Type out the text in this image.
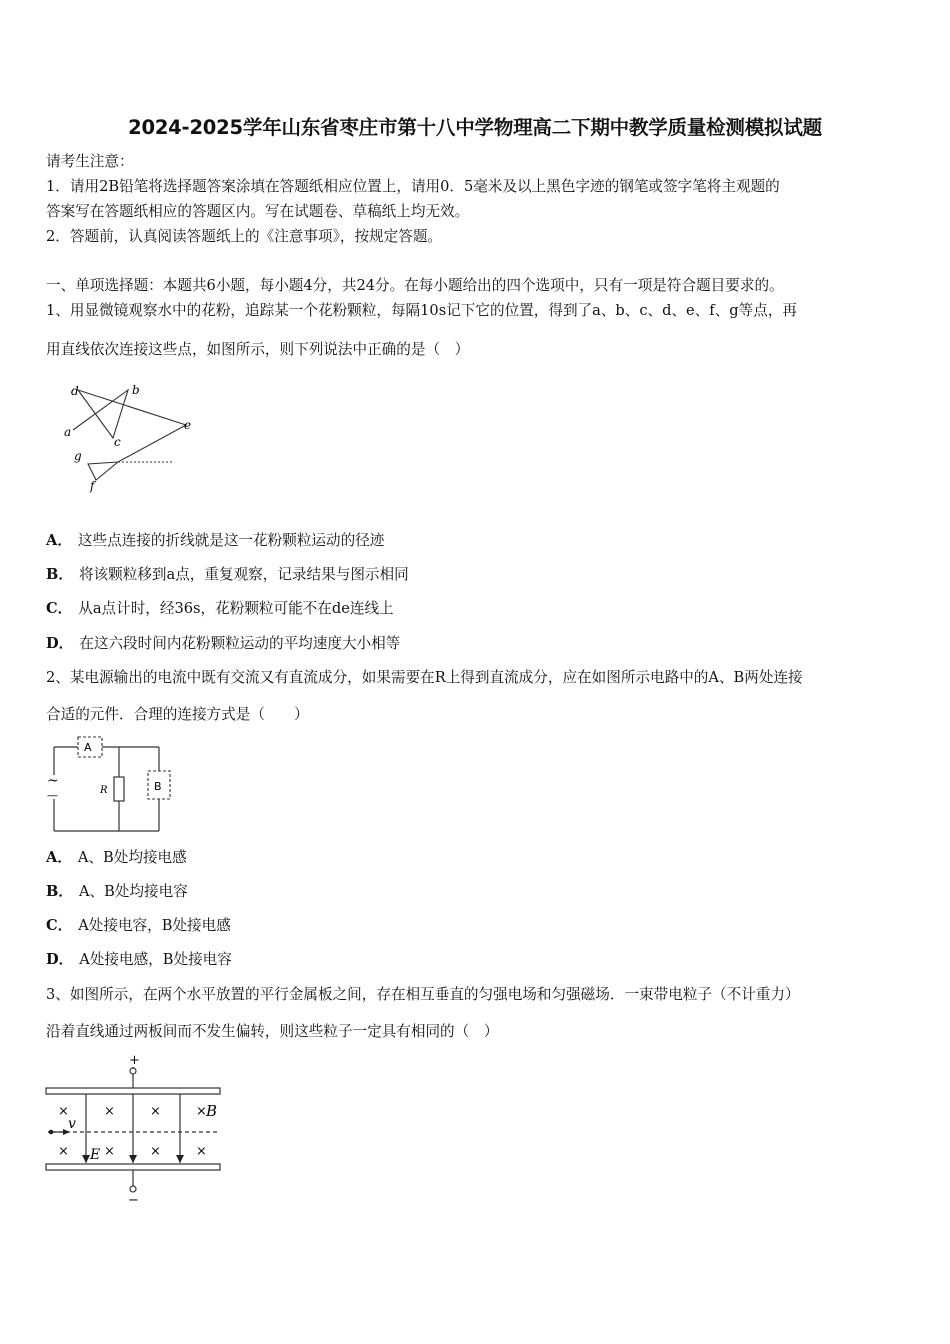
2024-2025学年山东省枣庄市第十八中学物理高二下期中教学质量检测模拟试题
请考生注意：
1．请用2B铅笔将选择题答案涂填在答题纸相应位置上，请用0．5毫米及以上黑色字迹的钢笔或签字笔将主观题的
答案写在答题纸相应的答题区内。写在试题卷、草稿纸上均无效。
2．答题前，认真阅读答题纸上的《注意事项》，按规定答题。
一、单项选择题：本题共6小题，每小题4分，共24分。在每小题给出的四个选项中，只有一项是符合题目要求的。
1、用显微镜观察水中的花粉，追踪某一个花粉颗粒，每隔10s记下它的位置，得到了a、b、c、d、e、f、g等点，再
用直线依次连接这些点，如图所示，则下列说法中正确的是（　）
d	b
a
c
e
g
f
A． 这些点连接的折线就是这一花粉颗粒运动的径迹
B． 将该颗粒移到a点，重复观察，记录结果与图示相同
C． 从a点计时，经36s，花粉颗粒可能不在de连线上
D． 在这六段时间内花粉颗粒运动的平均速度大小相等
2、某电源输出的电流中既有交流又有直流成分，如果需要在R上得到直流成分，应在如图所示电路中的A、B两处连接
合适的元件．合理的连接方式是（　　）
A
B
R
~
—
A． A、B处均接电感
B． A、B处均接电容
C． A处接电容，B处接电感
D． A处接电感，B处接电容
3、如图所示，在两个水平放置的平行金属板之间，存在相互垂直的匀强电场和匀强磁场．一束带电粒子（不计重力）
沿着直线通过两板间而不发生偏转，则这些粒子一定具有相同的（　）
+
−
×	×	×	×
×	×	×	×
B
v
E
